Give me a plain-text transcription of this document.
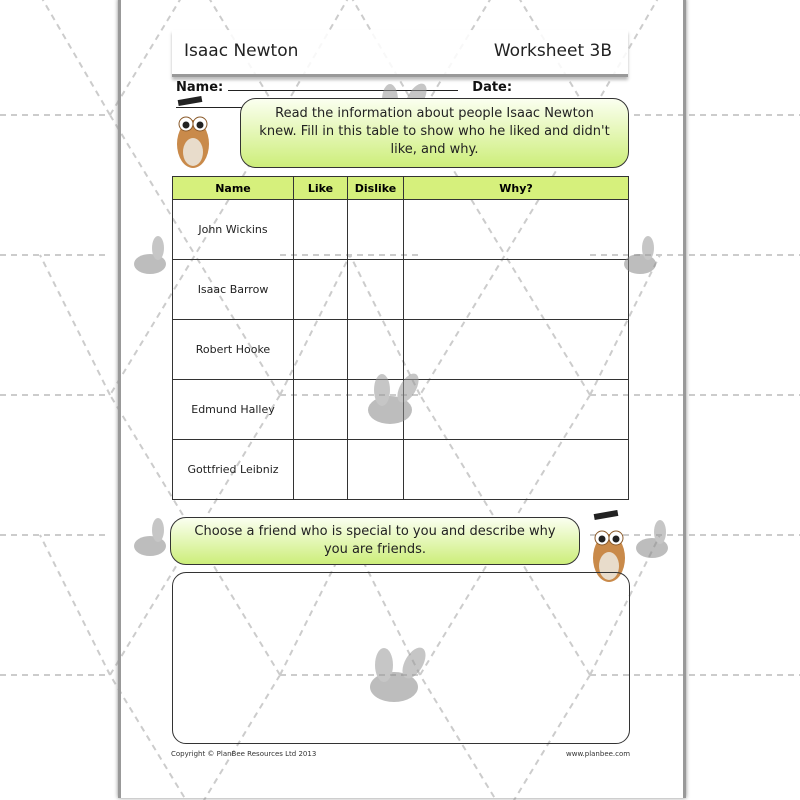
Isaac Newton	Worksheet 3B
Name:	Date:
Read the information about people Isaac Newton knew. Fill in this table to show who he liked and didn't like, and why.
Name	Like	Dislike	Why?
John Wickins			
Isaac Barrow			
Robert Hooke			
Edmund Halley			
Gottfried Leibniz			
Choose a friend who is special to you and describe why you are friends.
Copyright © PlanBee Resources Ltd 2013	www.planbee.com
